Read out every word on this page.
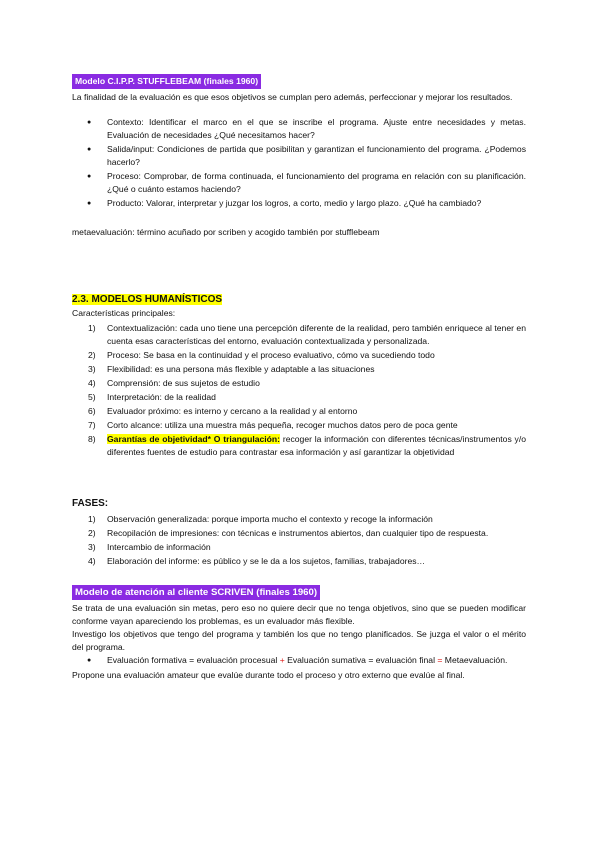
Modelo C.I.P.P. STUFFLEBEAM (finales 1960)
La finalidad de la evaluación es que esos objetivos se cumplan pero además, perfeccionar y mejorar los resultados.
● Contexto: Identificar el marco en el que se inscribe el programa. Ajuste entre necesidades y metas. Evaluación de necesidades ¿Qué necesitamos hacer?
● Salida/input: Condiciones de partida que posibilitan y garantizan el funcionamiento del programa. ¿Podemos hacerlo?
● Proceso: Comprobar, de forma continuada, el funcionamiento del programa en relación con su planificación. ¿Qué o cuánto estamos haciendo?
● Producto: Valorar, interpretar y juzgar los logros, a corto, medio y largo plazo. ¿Qué ha cambiado?
metaevaluación: término acuñado por scriben y acogido también por stufflebeam
2.3. MODELOS HUMANÍSTICOS
Características principales:
1) Contextualización: cada uno tiene una percepción diferente de la realidad, pero también enriquece al tener en cuenta esas características del entorno, evaluación contextualizada y personalizada.
2) Proceso: Se basa en la continuidad y el proceso evaluativo, cómo va sucediendo todo
3) Flexibilidad: es una persona más flexible y adaptable a las situaciones
4) Comprensión: de sus sujetos de estudio
5) Interpretación: de la realidad
6) Evaluador próximo: es interno y cercano a la realidad y al entorno
7) Corto alcance: utiliza una muestra más pequeña, recoger muchos datos pero de poca gente
8) Garantías de objetividad* O triangulación: recoger la información con diferentes técnicas/instrumentos y/o diferentes fuentes de estudio para contrastar esa información y así garantizar la objetividad
FASES:
1) Observación generalizada: porque importa mucho el contexto y recoge la información
2) Recopilación de impresiones: con técnicas e instrumentos abiertos, dan cualquier tipo de respuesta.
3) Intercambio de información
4) Elaboración del informe: es público y se le da a los sujetos, familias, trabajadores…
Modelo de atención al cliente SCRIVEN (finales 1960)
Se trata de una evaluación sin metas, pero eso no quiere decir que no tenga objetivos, sino que se pueden modificar conforme vayan apareciendo los problemas, es un evaluador más flexible.
Investigo los objetivos que tengo del programa y también los que no tengo planificados. Se juzga el valor o el mérito del programa.
● Evaluación formativa = evaluación procesual + Evaluación sumativa = evaluación final = Metaevaluación.
Propone una evaluación amateur que evalúe durante todo el proceso y otro externo que evalúe al final.
